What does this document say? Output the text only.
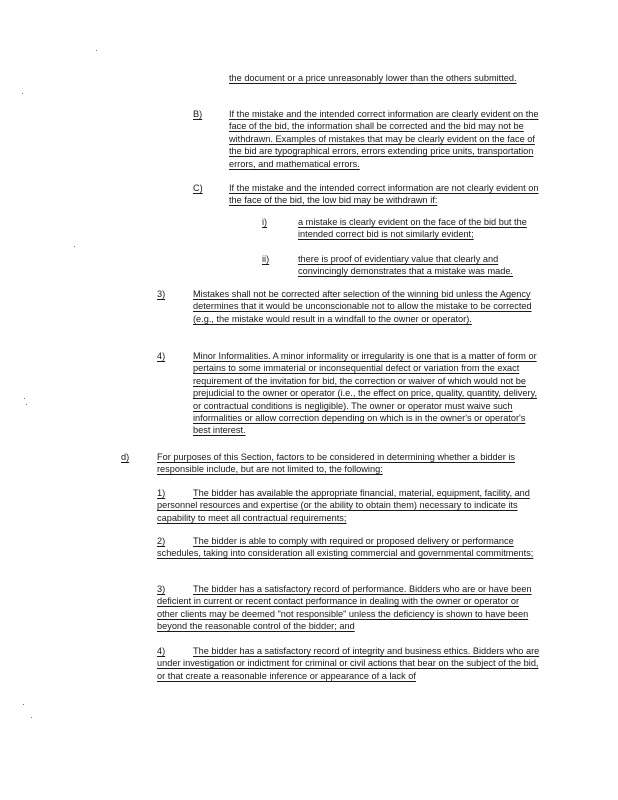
the document or a price unreasonably lower than the others submitted.
B)	If the mistake and the intended correct information are clearly evident on the face of the bid, the information shall be corrected and the bid may not be withdrawn. Examples of mistakes that may be clearly evident on the face of the bid are typographical errors, errors extending price units, transportation errors, and mathematical errors.
C)	If the mistake and the intended correct information are not clearly evident on the face of the bid, the low bid may be withdrawn if:
i)	a mistake is clearly evident on the face of the bid but the intended correct bid is not similarly evident;
ii)	there is proof of evidentiary value that clearly and convincingly demonstrates that a mistake was made.
3)	Mistakes shall not be corrected after selection of the winning bid unless the Agency determines that it would be unconscionable not to allow the mistake to be corrected (e.g., the mistake would result in a windfall to the owner or operator).
4)	Minor Informalities. A minor informality or irregularity is one that is a matter of form or pertains to some immaterial or inconsequential defect or variation from the exact requirement of the invitation for bid, the correction or waiver of which would not be prejudicial to the owner or operator (i.e., the effect on price, quality, quantity, delivery, or contractual conditions is negligible). The owner or operator must waive such informalities or allow correction depending on which is in the owner's or operator's best interest.
d)	For purposes of this Section, factors to be considered in determining whether a bidder is responsible include, but are not limited to, the following:
1)	The bidder has available the appropriate financial, material, equipment, facility, and personnel resources and expertise (or the ability to obtain them) necessary to indicate its capability to meet all contractual requirements;
2)	The bidder is able to comply with required or proposed delivery or performance schedules, taking into consideration all existing commercial and governmental commitments;
3)	The bidder has a satisfactory record of performance. Bidders who are or have been deficient in current or recent contact performance in dealing with the owner or operator or other clients may be deemed "not responsible" unless the deficiency is shown to have been beyond the reasonable control of the bidder; and
4)	The bidder has a satisfactory record of integrity and business ethics. Bidders who are under investigation or indictment for criminal or civil actions that bear on the subject of the bid, or that create a reasonable inference or appearance of a lack of
